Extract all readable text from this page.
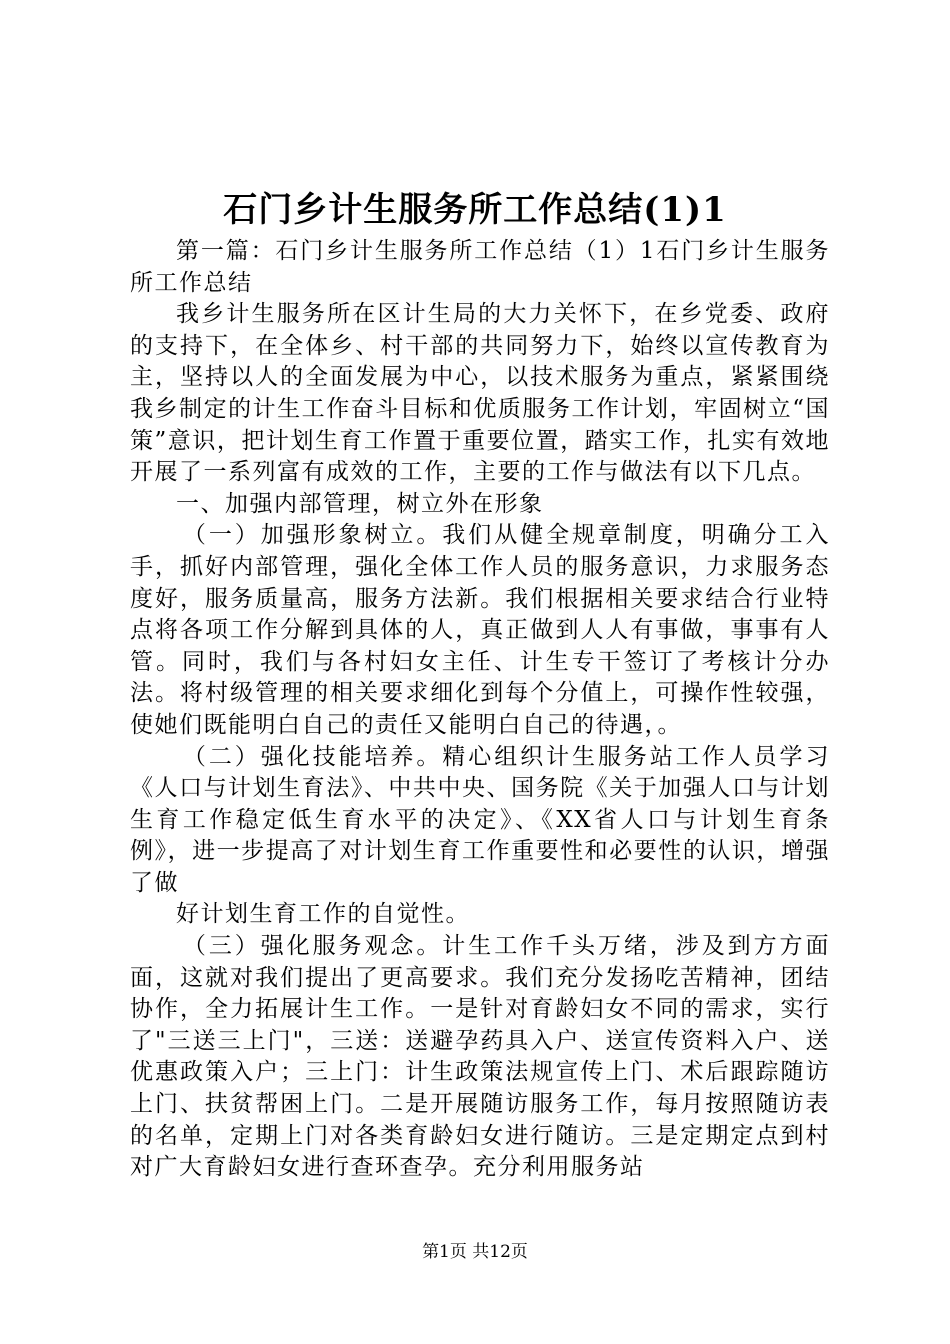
石门乡计生服务所工作总结(1)1

第一篇：石门乡计生服务所工作总结（1）1石门乡计生服务所工作总结

我乡计生服务所在区计生局的大力关怀下，在乡党委、政府的支持下，在全体乡、村干部的共同努力下，始终以宣传教育为主，坚持以人的全面发展为中心，以技术服务为重点，紧紧围绕我乡制定的计生工作奋斗目标和优质服务工作计划，牢固树立“国策”意识，把计划生育工作置于重要位置，踏实工作，扎实有效地开展了一系列富有成效的工作，主要的工作与做法有以下几点。

一、加强内部管理，树立外在形象

（一）加强形象树立。我们从健全规章制度，明确分工入手，抓好内部管理，强化全体工作人员的服务意识，力求服务态度好，服务质量高，服务方法新。我们根据相关要求结合行业特点将各项工作分解到具体的人，真正做到人人有事做，事事有人管。同时，我们与各村妇女主任、计生专干签订了考核计分办法。将村级管理的相关要求细化到每个分值上，可操作性较强，使她们既能明白自己的责任又能明白自己的待遇，。

（二）强化技能培养。精心组织计生服务站工作人员学习《人口与计划生育法》、中共中央、国务院《关于加强人口与计划生育工作稳定低生育水平的决定》、《XX省人口与计划生育条例》，进一步提高了对计划生育工作重要性和必要性的认识，增强了做

好计划生育工作的自觉性。

（三）强化服务观念。计生工作千头万绪，涉及到方方面面，这就对我们提出了更高要求。我们充分发扬吃苦精神，团结协作，全力拓展计生工作。一是针对育龄妇女不同的需求，实行了"三送三上门"，三送：送避孕药具入户、送宣传资料入户、送优惠政策入户；三上门：计生政策法规宣传上门、术后跟踪随访上门、扶贫帮困上门。二是开展随访服务工作，每月按照随访表的名单，定期上门对各类育龄妇女进行随访。三是定期定点到村对广大育龄妇女进行查环查孕。充分利用服务站

第1页 共12页
